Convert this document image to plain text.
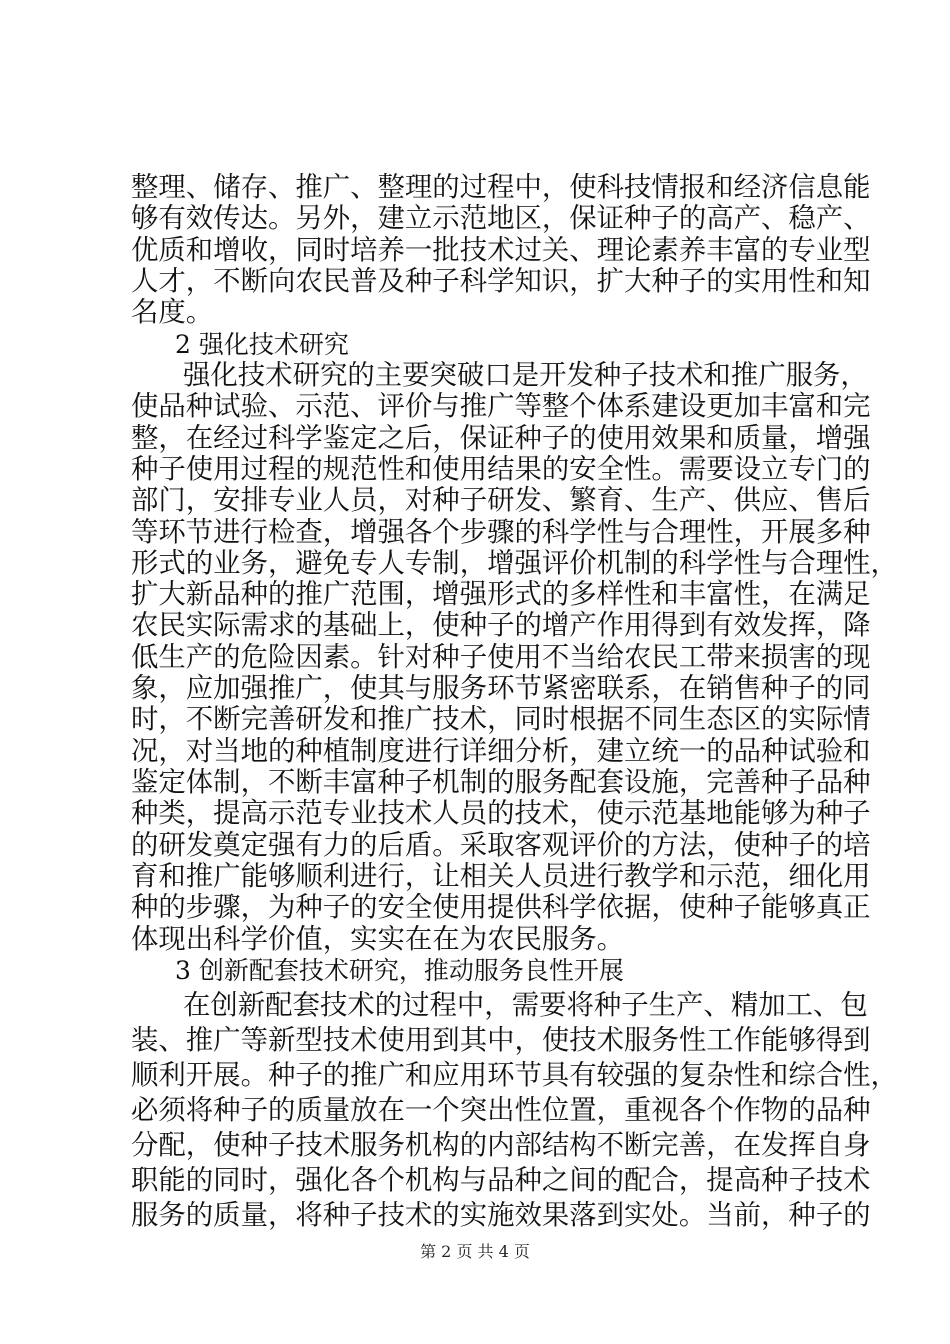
整理、储存、推广、整理的过程中，使科技情报和经济信息能
够有效传达。另外，建立示范地区，保证种子的高产、稳产、
优质和增收，同时培养一批技术过关、理论素养丰富的专业型
人才，不断向农民普及种子科学知识，扩大种子的实用性和知
名度。
2 强化技术研究
强化技术研究的主要突破口是开发种子技术和推广服务，
使品种试验、示范、评价与推广等整个体系建设更加丰富和完
整，在经过科学鉴定之后，保证种子的使用效果和质量，增强
种子使用过程的规范性和使用结果的安全性。需要设立专门的
部门，安排专业人员，对种子研发、繁育、生产、供应、售后
等环节进行检查，增强各个步骤的科学性与合理性，开展多种
形式的业务，避免专人专制，增强评价机制的科学性与合理性，
扩大新品种的推广范围，增强形式的多样性和丰富性，在满足
农民实际需求的基础上，使种子的增产作用得到有效发挥，降
低生产的危险因素。针对种子使用不当给农民工带来损害的现
象，应加强推广，使其与服务环节紧密联系，在销售种子的同
时，不断完善研发和推广技术，同时根据不同生态区的实际情
况，对当地的种植制度进行详细分析，建立统一的品种试验和
鉴定体制，不断丰富种子机制的服务配套设施，完善种子品种
种类，提高示范专业技术人员的技术，使示范基地能够为种子
的研发奠定强有力的后盾。采取客观评价的方法，使种子的培
育和推广能够顺利进行，让相关人员进行教学和示范，细化用
种的步骤，为种子的安全使用提供科学依据，使种子能够真正
体现出科学价值，实实在在为农民服务。
3 创新配套技术研究，推动服务良性开展
在创新配套技术的过程中，需要将种子生产、精加工、包
装、推广等新型技术使用到其中，使技术服务性工作能够得到
顺利开展。种子的推广和应用环节具有较强的复杂性和综合性，
必须将种子的质量放在一个突出性位置，重视各个作物的品种
第 2 页 共 4 页
分配，使种子技术服务机构的内部结构不断完善，在发挥自身
职能的同时，强化各个机构与品种之间的配合，提高种子技术
服务的质量，将种子技术的实施效果落到实处。当前，种子的
